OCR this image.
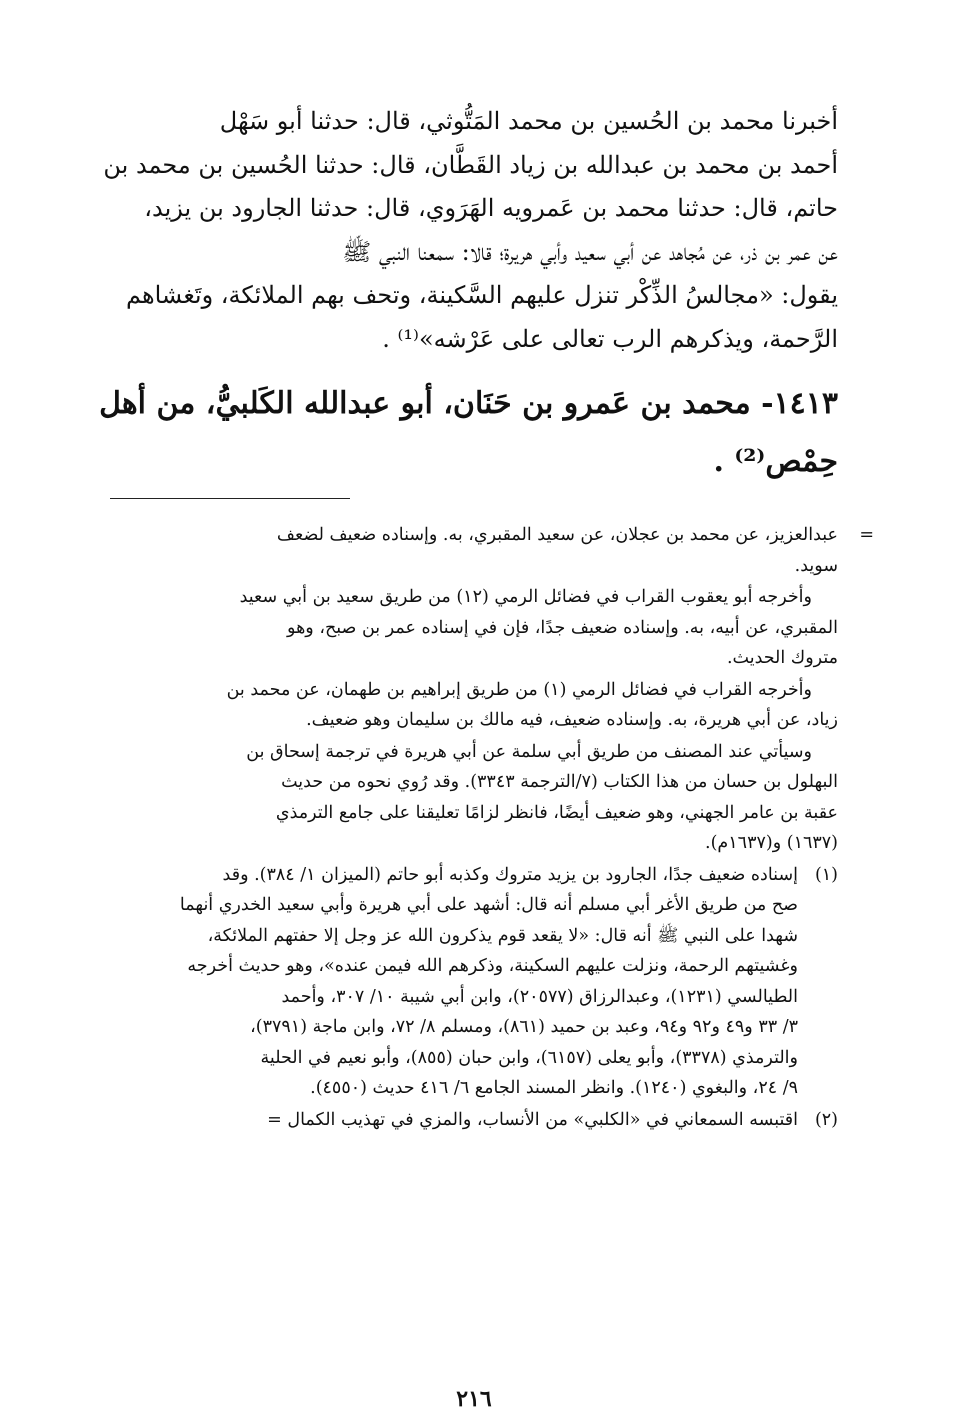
أخبرنا محمد بن الحُسين بن محمد المَتُّوثي، قال: حدثنا أبو سَهْل
أحمد بن محمد بن عبدالله بن زياد القَطَّان، قال: حدثنا الحُسين بن محمد بن
حاتم، قال: حدثنا محمد بن عَمرويه الهَرَوي، قال: حدثنا الجارود بن يزيد،
عن عمر بن ذر، عن مُجاهد عن أبي سعيد وأبي هريرة؛ قالا: سمعنا النبي ﷺ
يقول: «مجالسُ الذِّكْر تنزل عليهم السَّكينة، وتحف بهم الملائكة، وتَغشاهم
الرَّحمة، ويذكرهم الرب تعالى على عَرْشه»⁽¹⁾ .

١٤١٣- محمد بن عَمرو بن حَنَان، أبو عبدالله الكَلبيُّ، من أهل
حِمْص⁽²⁾ .
=
عبدالعزيز، عن محمد بن عجلان، عن سعيد المقبري، به. وإسناده ضعيف لضعف
سويد.
وأخرجه أبو يعقوب القراب في فضائل الرمي (١٢) من طريق سعيد بن أبي سعيد
المقبري، عن أبيه، به. وإسناده ضعيف جدًا، فإن في إسناده عمر بن صبح، وهو
متروك الحديث.
وأخرجه القراب في فضائل الرمي (١) من طريق إبراهيم بن طهمان، عن محمد بن
زياد، عن أبي هريرة، به. وإسناده ضعيف، فيه مالك بن سليمان وهو ضعيف.
وسيأتي عند المصنف من طريق أبي سلمة عن أبي هريرة في ترجمة إسحاق بن
البهلول بن حسان من هذا الكتاب (٧/الترجمة ٣٣٤٣). وقد رُوي نحوه من حديث
عقبة بن عامر الجهني، وهو ضعيف أيضًا، فانظر لزامًا تعليقنا على جامع الترمذي
(١٦٣٧) و(١٦٣٧م).
(١)
إسناده ضعيف جدًا، الجارود بن يزيد متروك وكذبه أبو حاتم (الميزان ١/ ٣٨٤). وقد
صح من طريق الأغر أبي مسلم أنه قال: أشهد على أبي هريرة وأبي سعيد الخدري أنهما
شهدا على النبي ﷺ أنه قال: «لا يقعد قوم يذكرون الله عز وجل إلا حفتهم الملائكة،
وغشيتهم الرحمة، ونزلت عليهم السكينة، وذكرهم الله فيمن عنده»، وهو حديث أخرجه
الطيالسي (١٢٣١)، وعبدالرزاق (٢٠٥٧٧)، وابن أبي شيبة ١٠/ ٣٠٧، وأحمد
٣/ ٣٣ و٤٩ و٩٢ و٩٤، وعبد بن حميد (٨٦١)، ومسلم ٨/ ٧٢، وابن ماجة (٣٧٩١)،
والترمذي (٣٣٧٨)، وأبو يعلى (٦١٥٧)، وابن حبان (٨٥٥)، وأبو نعيم في الحلية
٩/ ٢٤، والبغوي (١٢٤٠). وانظر المسند الجامع ٦/ ٤١٦ حديث (٤٥٥٠).
(٢)
اقتبسه السمعاني في «الكلبي» من الأنساب، والمزي في تهذيب الكمال =
٢١٦
